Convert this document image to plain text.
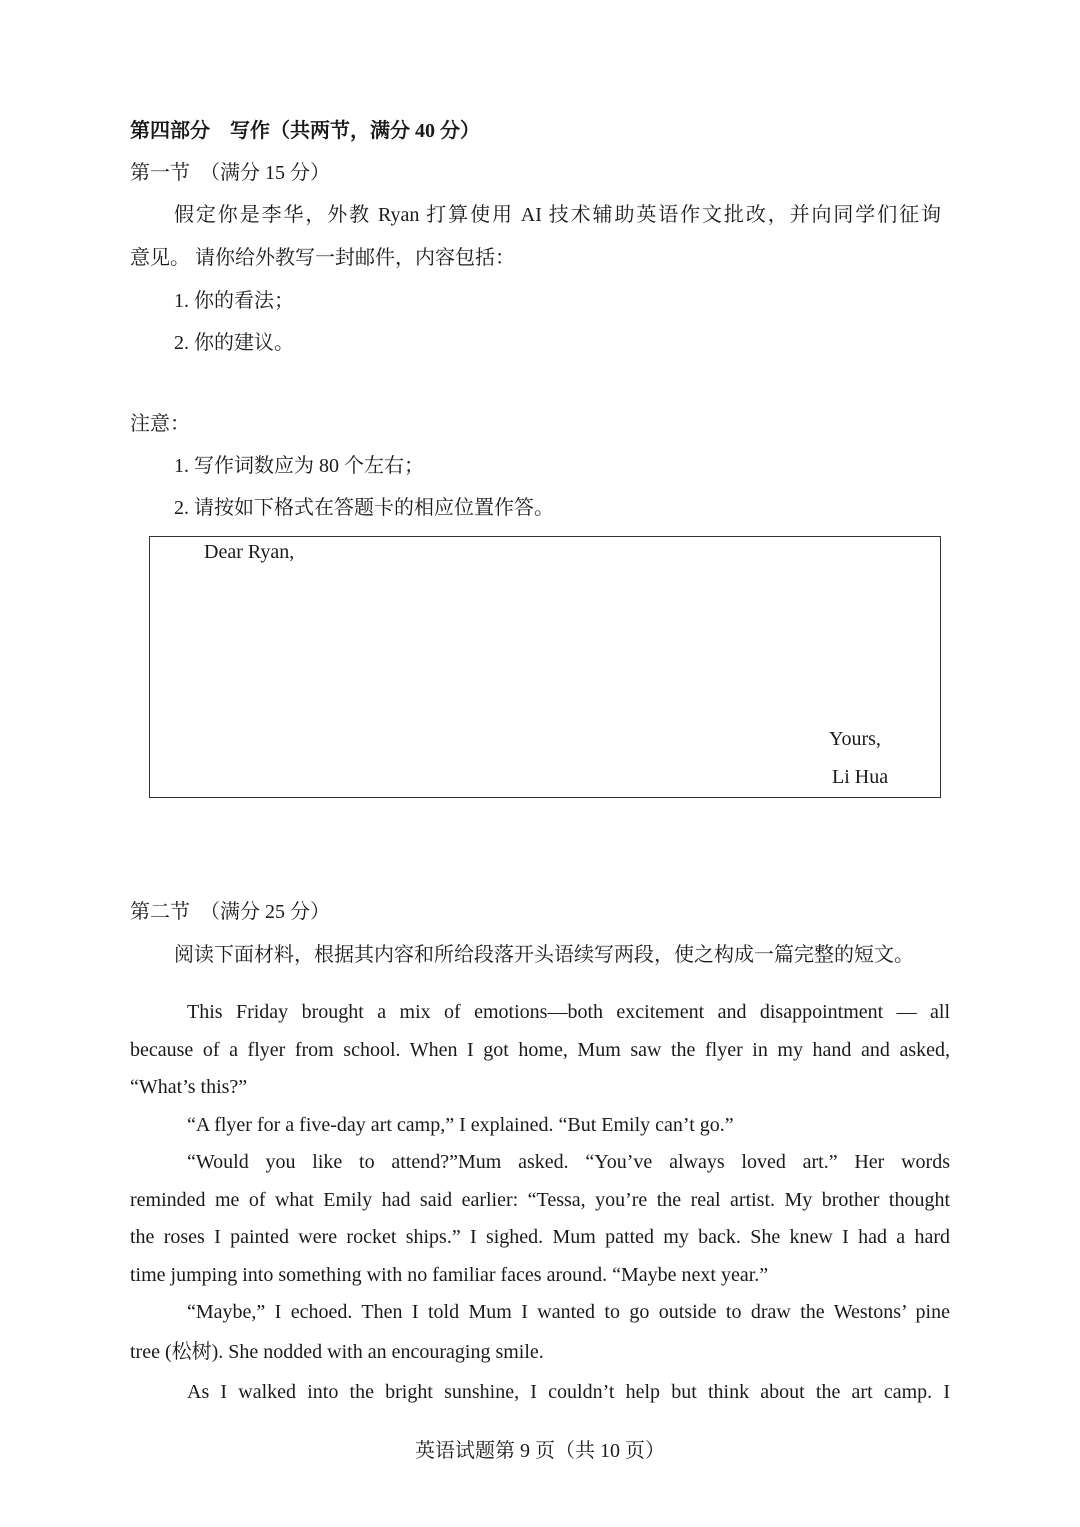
第四部分　写作（共两节，满分 40 分）
第一节　（满分 15 分）
假定你是李华，外教 Ryan 打算使用 AI 技术辅助英语作文批改，并向同学们征询
意见。 请你给外教写一封邮件，内容包括：
1. 你的看法；
2. 你的建议。
注意：
1. 写作词数应为 80 个左右；
2. 请按如下格式在答题卡的相应位置作答。
Dear Ryan,
Yours,
Li Hua
第二节　（满分 25 分）
阅读下面材料，根据其内容和所给段落开头语续写两段，使之构成一篇完整的短文。
This Friday brought a mix of emotions—both excitement and disappointment — all
because of a flyer from school. When I got home, Mum saw the flyer in my hand and asked,
“What’s this?”
“A flyer for a five-day art camp,” I explained. “But Emily can’t go.”
“Would you like to attend?”Mum asked. “You’ve always loved art.” Her words
reminded me of what Emily had said earlier: “Tessa, you’re the real artist. My brother thought
the roses I painted were rocket ships.” I sighed. Mum patted my back. She knew I had a hard
time jumping into something with no familiar faces around. “Maybe next year.”
“Maybe,” I echoed. Then I told Mum I wanted to go outside to draw the Westons’ pine
tree (松树). She nodded with an encouraging smile.
As I walked into the bright sunshine, I couldn’t help but think about the art camp. I
英语试题第 9 页（共 10 页）
